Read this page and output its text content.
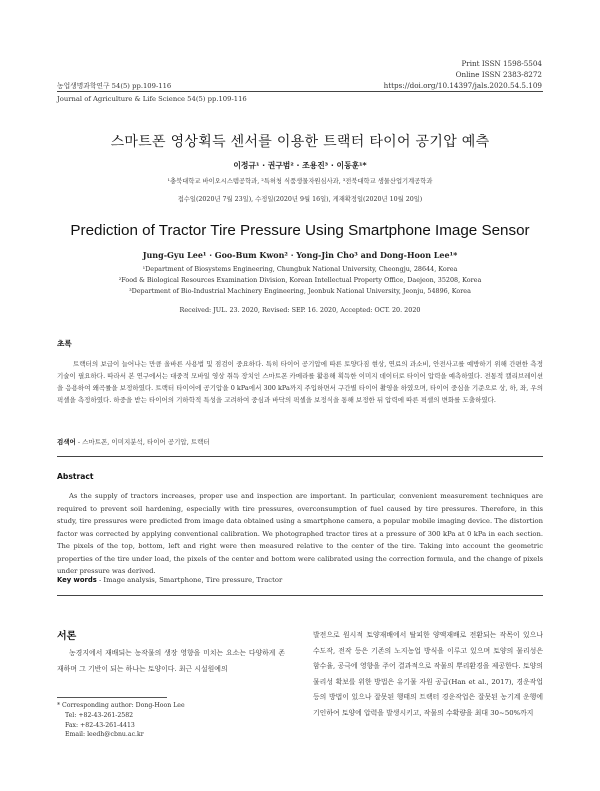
Print ISSN 1598-5504
Online ISSN 2383-8272
https://doi.org/10.14397/jals.2020.54.5.109
농업생명과학연구 54(5) pp.109-116
Journal of Agriculture & Life Science 54(5) pp.109-116
스마트폰 영상획득 센서를 이용한 트랙터 타이어 공기압 예측
이정규¹ · 권구범² · 조용진³ · 이동훈¹*
¹충북대학교 바이오시스템공학과, ²특허청 식품생물자원심사과, ³전북대학교 생물산업기계공학과
접수일(2020년 7월 23일), 수정일(2020년 9월 16일), 게재확정일(2020년 10월 20일)
Prediction of Tractor Tire Pressure Using Smartphone Image Sensor
Jung-Gyu Lee¹ · Goo-Bum Kwon² · Yong-Jin Cho³ and Dong-Hoon Lee¹*
¹Department of Biosystems Engineering, Chungbuk National University, Cheongju, 28644, Korea
²Food & Biological Resources Examination Division, Korean Intellectual Property Office, Daejeon, 35208, Korea
³Department of Bio-Industrial Machinery Engineering, Jeonbuk National University, Jeonju, 54896, Korea
Received: JUL. 23. 2020, Revised: SEP. 16. 2020, Accepted: OCT. 20. 2020
초록
트랙터의 보급이 늘어나는 만큼 올바른 사용법 및 점검이 중요하다. 특히 타이어 공기압에 따른 토양다짐 현상, 연료의 과소비, 안전사고를 예방하기 위해 간편한 측정기술이 필요하다. 따라서 본 연구에서는 대중적 모바일 영상 취득 장치인 스마트폰 카메라를 활용해 획득한 이미지 데이터로 타이어 압력을 예측하였다. 전통적 캘리브레이션을 응용하여 왜곡률을 보정하였다. 트랙터 타이어에 공기압을 0 kPa에서 300 kPa까지 주입하면서 구간별 타이어 촬영을 하였으며, 타이어 중심을 기준으로 상, 하, 좌, 우의 픽셀을 측정하였다. 하중을 받는 타이어의 기하학적 특성을 고려하여 중심과 바닥의 픽셀을 보정식을 통해 보정한 뒤 압력에 따른 픽셀의 변화를 도출하였다.
검색어 - 스마트폰, 이미지분석, 타이어 공기압, 트랙터
Abstract
As the supply of tractors increases, proper use and inspection are important. In particular, convenient measurement techniques are required to prevent soil hardening, especially with tire pressures, overconsumption of fuel caused by tire pressures. Therefore, in this study, tire pressures were predicted from image data obtained using a smartphone camera, a popular mobile imaging device. The distortion factor was corrected by applying conventional calibration. We photographed tractor tires at a pressure of 300 kPa at 0 kPa in each section. The pixels of the top, bottom, left and right were then measured relative to the center of the tire. Taking into account the geometric properties of the tire under load, the pixels of the center and bottom were calibrated using the correction formula, and the change of pixels under pressure was derived.
Key words - Image analysis, Smartphone, Tire pressure, Tractor
서론
농경지에서 재배되는 농작물의 생장 영향을 미치는 요소는 다양하게 존재하며 그 기반이 되는 하나는 토양이다. 최근 시설원예의
발전으로 원시적 토양재배에서 탈피한 양액재배로 전환되는 작목이 있으나 수도작, 전작 등은 기존의 노지농업 방식을 이루고 있으며 토양의 물리성은 함수율, 공극에 영향을 주어 결과적으로 작물의 뿌리환경을 제공한다. 토양의 물리성 확보를 위한 방법은 유기물 자원 공급(Han et al., 2017), 경운작업 등의 방법이 있으나 잘못된 행태의 트랙터 경운작업은 잘못된 농기계 운행에 기인하여 토양에 압력을 발생시키고, 작물의 수확량을 최대 30~50%까지
* Corresponding author: Dong-Hoon Lee
Tel: +82-43-261-2582
Fax: +82-43-261-4413
Email: leedh@cbnu.ac.kr
